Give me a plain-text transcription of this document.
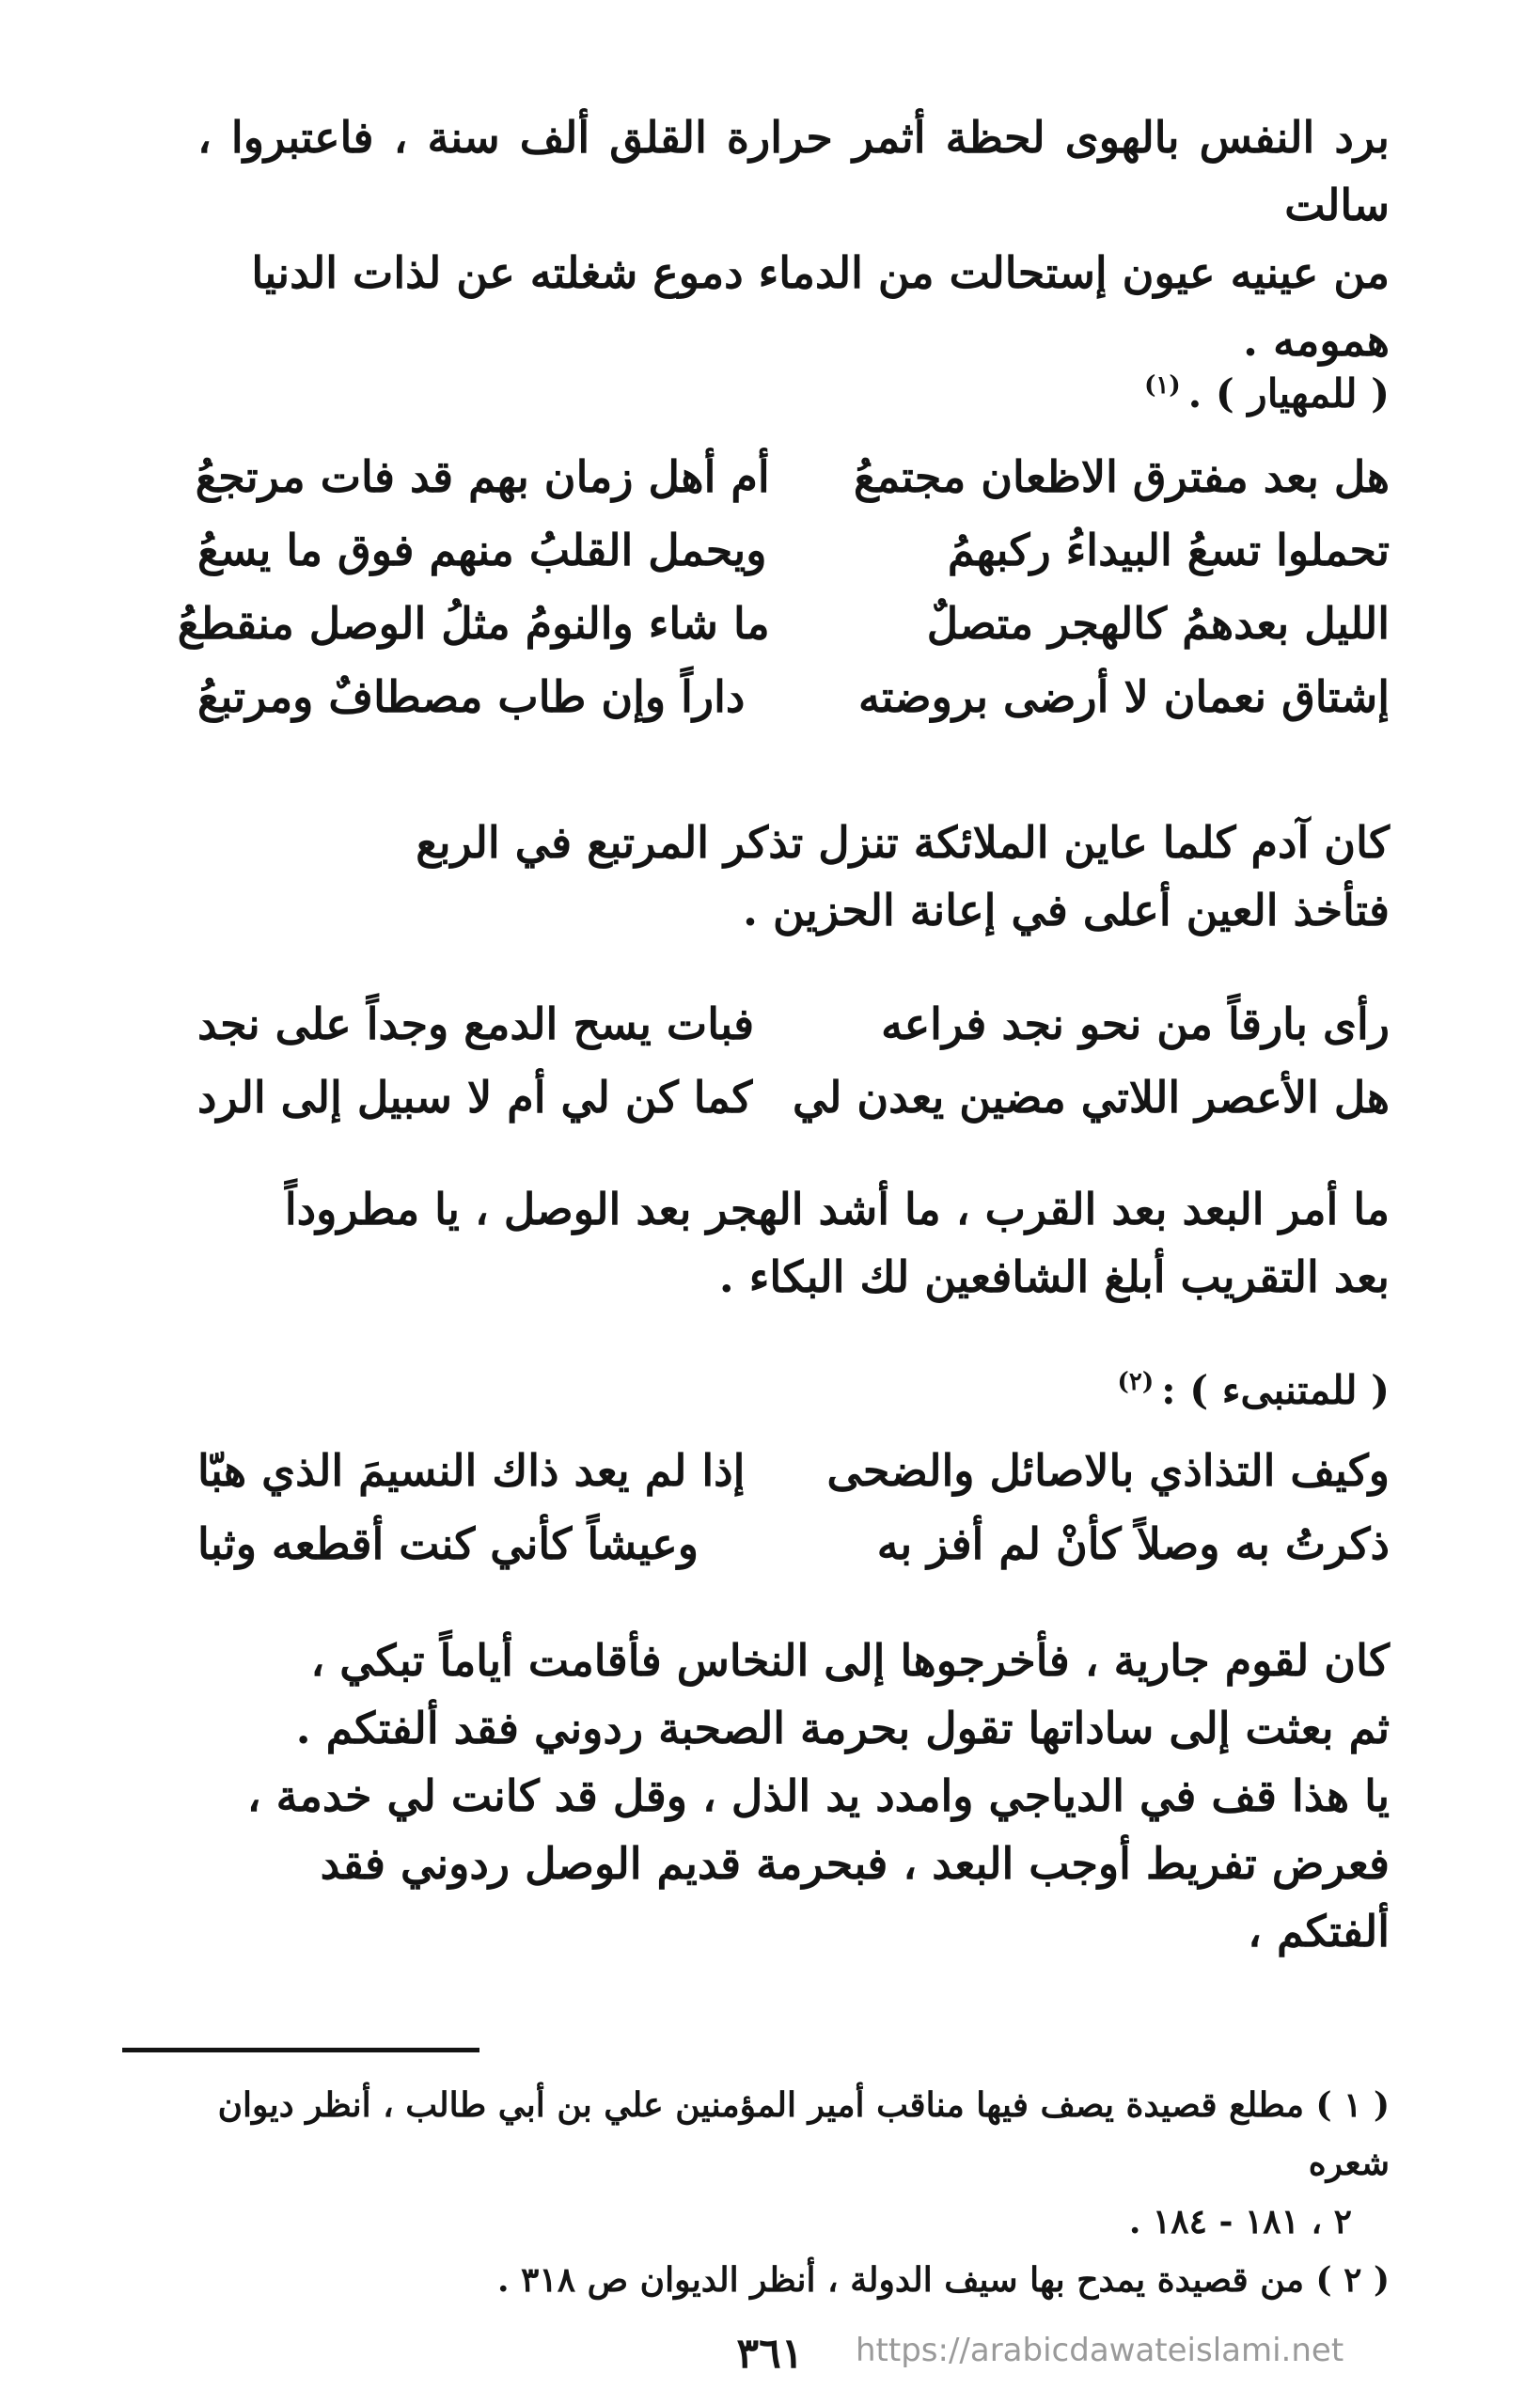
برد النفس بالهوى لحظة أثمر حرارة القلق ألف سنة ، فاعتبروا ، سالت

من عينيه عيون إستحالت من الدماء دموع شغلته عن لذات الدنيا

همومه .

( للمهيار ) .$^{(١)}$
هل بعد مفترق الاظعان مجتمعُ
أم أهل زمان بهم قد فات مرتجعُ
تحملوا تسعُ البيداءُ ركبهمُ
ويحمل القلبُ منهم فوق ما يسعُ
الليل بعدهمُ كالهجر متصلٌ
ما شاء والنومُ مثلُ الوصل منقطعُ
إشتاق نعمان لا أرضى بروضته
داراً وإن طاب مصطافٌ ومرتبعُ

كان آدم كلما عاين الملائكة تنزل تذكر المرتبع في الربع

فتأخذ العين أعلى في إعانة الحزين .

رأى بارقاً من نحو نجد فراعه
فبات يسح الدمع وجداً على نجد
هل الأعصر اللاتي مضين يعدن لي
كما كن لي أم لا سبيل إلى الرد

ما أمر البعد بعد القرب ، ما أشد الهجر بعد الوصل ، يا مطروداً

بعد التقريب أبلغ الشافعين لك البكاء .

( للمتنبىء ) :$^{(٢)}$
وكيف التذاذي بالاصائل والضحى
إذا لم يعد ذاك النسيمَ الذي هبّا
ذكرتُ به وصلاً كأنْ لم أفز به
وعيشاً كأني كنت أقطعه وثبا

كان لقوم جارية ، فأخرجوها إلى النخاس فأقامت أياماً تبكي ،

ثم بعثت إلى ساداتها تقول بحرمة الصحبة ردوني فقد ألفتكم .

يا هذا قف في الدياجي وامدد يد الذل ، وقل قد كانت لي خدمة ،

فعرض تفريط أوجب البعد ، فبحرمة قديم الوصل ردوني فقد

ألفتكم ،

( ١ ) مطلع قصيدة يصف فيها مناقب أمير المؤمنين علي بن أبي طالب ، أنظر ديوان شعره

٢ ، ١٨١ - ١٨٤ .

( ٢ ) من قصيدة يمدح بها سيف الدولة ، أنظر الديوان ص ٣١٨ .

٣٦١	https://arabicdawateislami.net
